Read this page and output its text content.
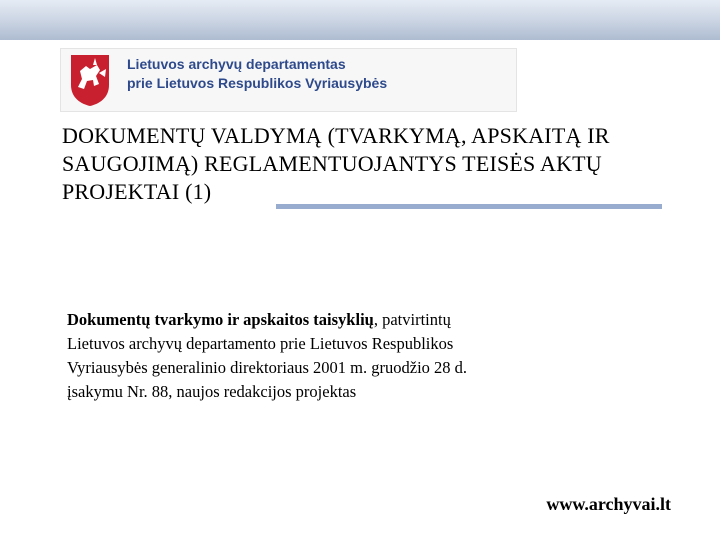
Lietuvos archyvų departamentas
prie Lietuvos Respublikos Vyriausybės
DOKUMENTŲ VALDYMĄ (TVARKYMĄ, APSKAITĄ IR
SAUGOJIMĄ) REGLAMENTUOJANTYS TEISĖS AKTŲ
PROJEKTAI (1)
Dokumentų tvarkymo ir apskaitos taisyklių, patvirtintų
Lietuvos archyvų departamento prie Lietuvos Respublikos
Vyriausybės generalinio direktoriaus 2001 m. gruodžio 28 d.
įsakymu Nr. 88, naujos redakcijos projektas
www.archyvai.lt
